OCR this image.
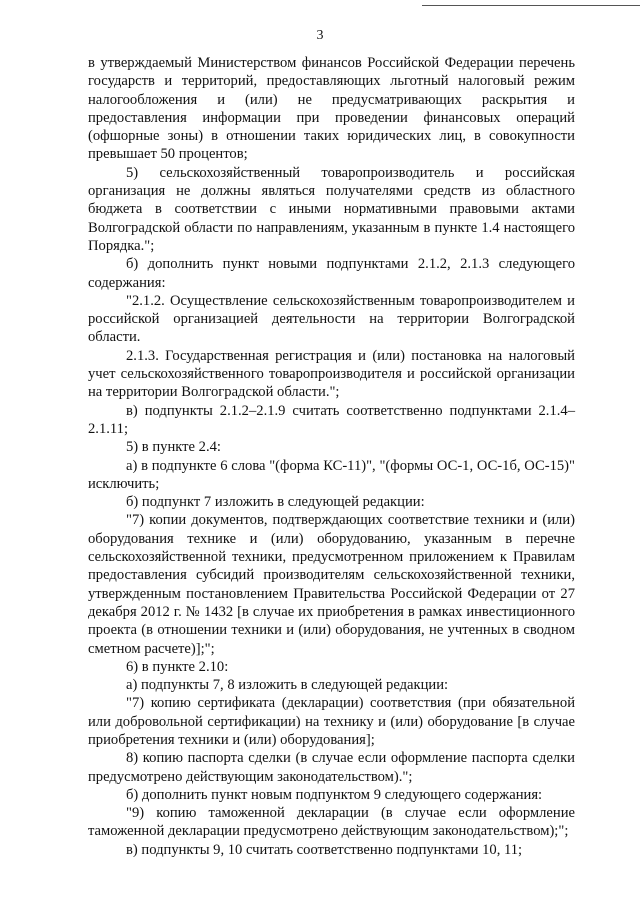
3

в утверждаемый Министерством финансов Российской Федерации перечень государств и территорий, предоставляющих льготный налоговый режим налогообложения и (или) не предусматривающих раскрытия и предоставления информации при проведении финансовых операций (офшорные зоны) в отношении таких юридических лиц, в совокупности превышает 50 процентов;

5) сельскохозяйственный товаропроизводитель и российская организация не должны являться получателями средств из областного бюджета в соответствии с иными нормативными правовыми актами Волгоградской области по направлениям, указанным в пункте 1.4 настоящего Порядка.";

б) дополнить пункт новыми подпунктами 2.1.2, 2.1.3 следующего содержания:

"2.1.2. Осуществление сельскохозяйственным товаропроизводителем и российской организацией деятельности на территории Волгоградской области.

2.1.3. Государственная регистрация и (или) постановка на налоговый учет сельскохозяйственного товаропроизводителя и российской организации на территории Волгоградской области.";

в) подпункты 2.1.2–2.1.9 считать соответственно подпунктами 2.1.4–2.1.11;

5) в пункте 2.4:

а) в подпункте 6 слова "(форма КС-11)", "(формы ОС-1, ОС-1б, ОС-15)" исключить;

б) подпункт 7 изложить в следующей редакции:

"7) копии документов, подтверждающих соответствие техники и (или) оборудования технике и (или) оборудованию, указанным в перечне сельскохозяйственной техники, предусмотренном приложением к Правилам предоставления субсидий производителям сельскохозяйственной техники, утвержденным постановлением Правительства Российской Федерации от 27 декабря 2012 г. № 1432 [в случае их приобретения в рамках инвестиционного проекта (в отношении техники и (или) оборудования, не учтенных в сводном сметном расчете)];";

6) в пункте 2.10:

а) подпункты 7, 8 изложить в следующей редакции:

"7) копию сертификата (декларации) соответствия (при обязательной или добровольной сертификации) на технику и (или) оборудование [в случае приобретения техники и (или) оборудования];

8) копию паспорта сделки (в случае если оформление паспорта сделки предусмотрено действующим законодательством).";

б) дополнить пункт новым подпунктом 9 следующего содержания:

"9) копию таможенной декларации (в случае если оформление таможенной декларации предусмотрено действующим законодательством);";

в) подпункты 9, 10 считать соответственно подпунктами 10, 11;
